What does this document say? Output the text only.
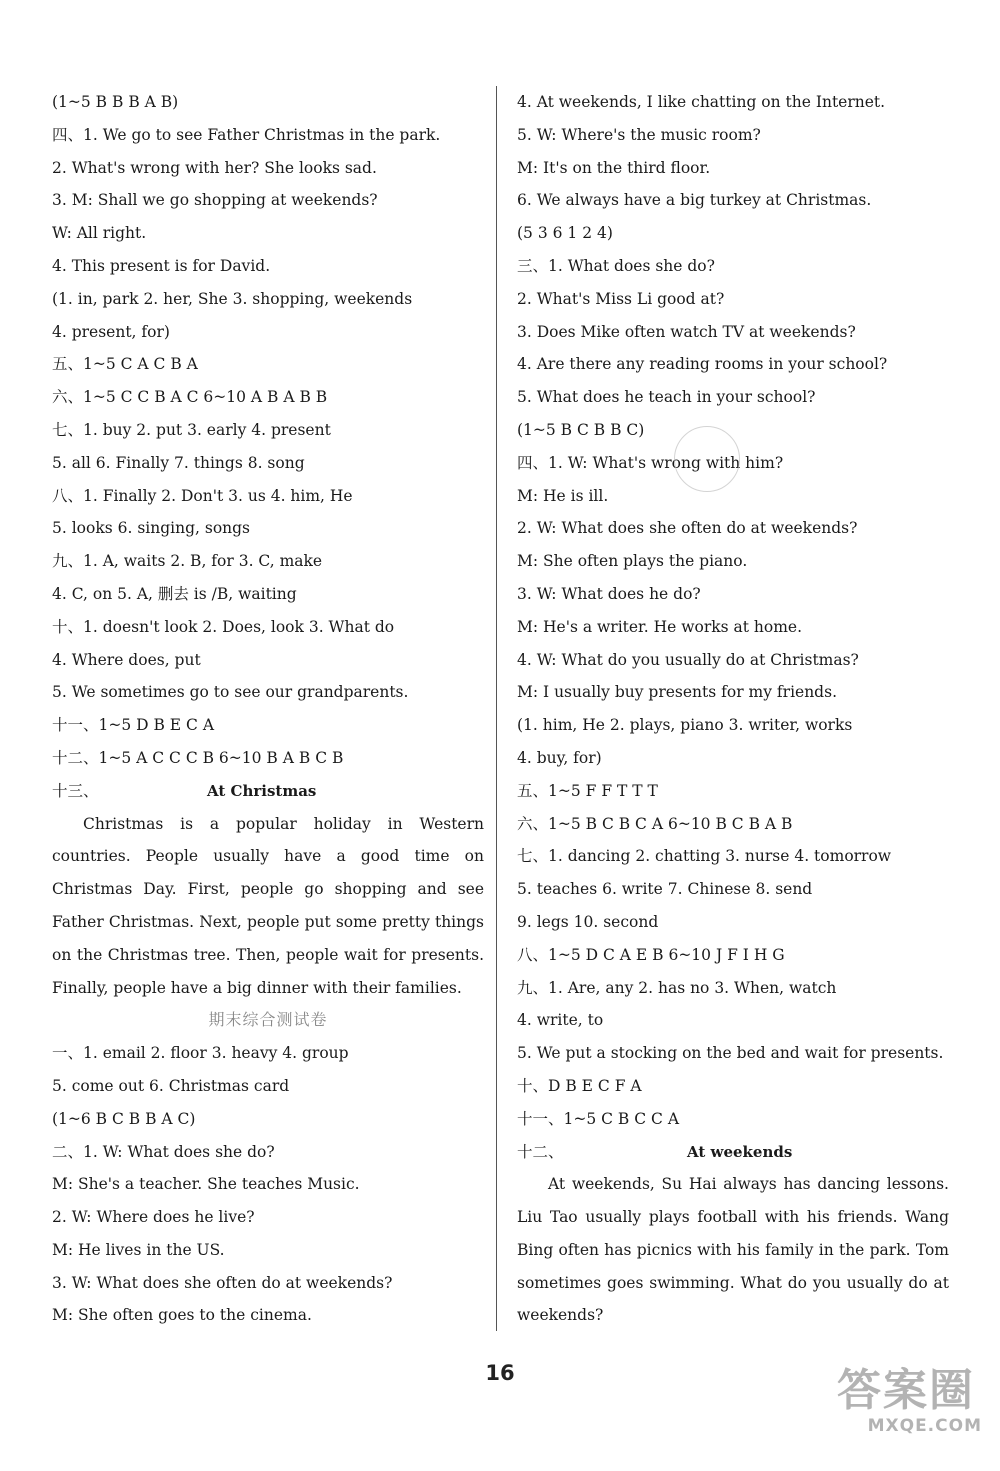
(1~5 B B B A B)
四、1. We go to see Father Christmas in the park.
2. What's wrong with her? She looks sad.
3. M: Shall we go shopping at weekends?
W: All right.
4. This present is for David.
(1. in, park 2. her, She 3. shopping, weekends
4. present, for)
五、1~5 C A C B A
六、1~5 C C B A C 6~10 A B A B B
七、1. buy 2. put 3. early 4. present
5. all 6. Finally 7. things 8. song
八、1. Finally 2. Don't 3. us 4. him, He
5. looks 6. singing, songs
九、1. A, waits 2. B, for 3. C, make
4. C, on 5. A, 删去 is /B, waiting
十、1. doesn't look 2. Does, look 3. What do
4. Where does, put
5. We sometimes go to see our grandparents.
十一、1~5 D B E C A
十二、1~5 A C C C B 6~10 B A B C B
十三、	At Christmas
Christmas is a popular holiday in Western countries. People usually have a good time on Christmas Day. First, people go shopping and see Father Christmas. Next, people put some pretty things on the Christmas tree. Then, people wait for presents. Finally, people have a big dinner with their families.
期末综合测试卷
一、1. email 2. floor 3. heavy 4. group
5. come out 6. Christmas card
(1~6 B C B B A C)
二、1. W: What does she do?
M: She's a teacher. She teaches Music.
2. W: Where does he live?
M: He lives in the US.
3. W: What does she often do at weekends?
M: She often goes to the cinema.
4. At weekends, I like chatting on the Internet.
5. W: Where's the music room?
M: It's on the third floor.
6. We always have a big turkey at Christmas.
(5 3 6 1 2 4)
三、1. What does she do?
2. What's Miss Li good at?
3. Does Mike often watch TV at weekends?
4. Are there any reading rooms in your school?
5. What does he teach in your school?
(1~5 B C B B C)
四、1. W: What's wrong with him?
M: He is ill.
2. W: What does she often do at weekends?
M: She often plays the piano.
3. W: What does he do?
M: He's a writer. He works at home.
4. W: What do you usually do at Christmas?
M: I usually buy presents for my friends.
(1. him, He 2. plays, piano 3. writer, works
4. buy, for)
五、1~5 F F T T T
六、1~5 B C B C A 6~10 B C B A B
七、1. dancing 2. chatting 3. nurse 4. tomorrow
5. teaches 6. write 7. Chinese 8. send
9. legs 10. second
八、1~5 D C A E B 6~10 J F I H G
九、1. Are, any 2. has no 3. When, watch
4. write, to
5. We put a stocking on the bed and wait for presents.
十、D B E C F A
十一、1~5 C B C C A
十二、	At weekends
At weekends, Su Hai always has dancing lessons. Liu Tao usually plays football with his friends. Wang Bing often has picnics with his family in the park. Tom sometimes goes swimming. What do you usually do at weekends?
16	答案圈
MXQE.COM
